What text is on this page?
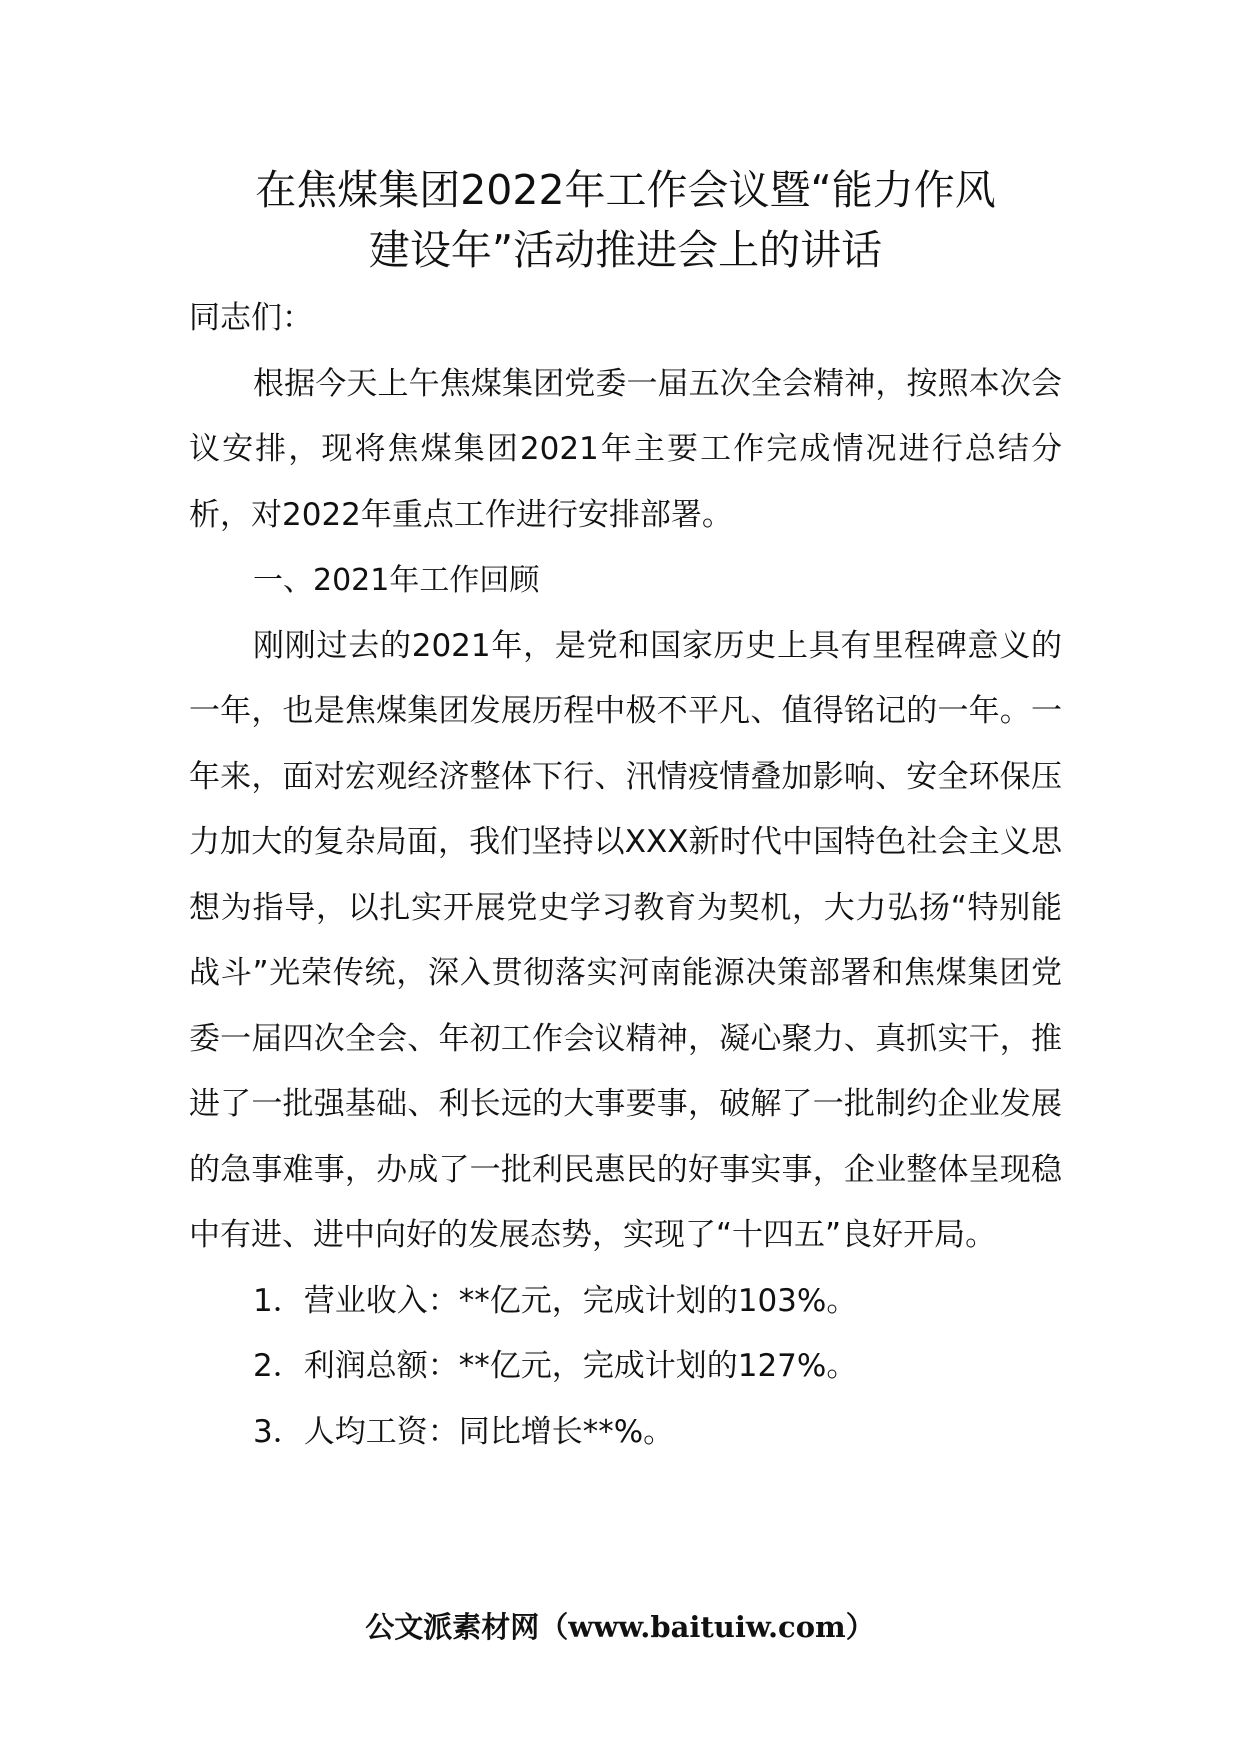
在焦煤集团2022年工作会议暨“能力作风
建设年”活动推进会上的讲话

同志们：

根据今天上午焦煤集团党委一届五次全会精神，按照本次会议安排，现将焦煤集团2021年主要工作完成情况进行总结分析，对2022年重点工作进行安排部署。

一、2021年工作回顾

刚刚过去的2021年，是党和国家历史上具有里程碑意义的一年，也是焦煤集团发展历程中极不平凡、值得铭记的一年。一年来，面对宏观经济整体下行、汛情疫情叠加影响、安全环保压力加大的复杂局面，我们坚持以XXX新时代中国特色社会主义思想为指导，以扎实开展党史学习教育为契机，大力弘扬“特别能战斗”光荣传统，深入贯彻落实河南能源决策部署和焦煤集团党委一届四次全会、年初工作会议精神，凝心聚力、真抓实干，推进了一批强基础、利长远的大事要事，破解了一批制约企业发展的急事难事，办成了一批利民惠民的好事实事，企业整体呈现稳中有进、进中向好的发展态势，实现了“十四五”良好开局。

1．营业收入：**亿元，完成计划的103%。

2．利润总额：**亿元，完成计划的127%。

3．人均工资：同比增长**%。

公文派素材网（www.baituiw.com）
